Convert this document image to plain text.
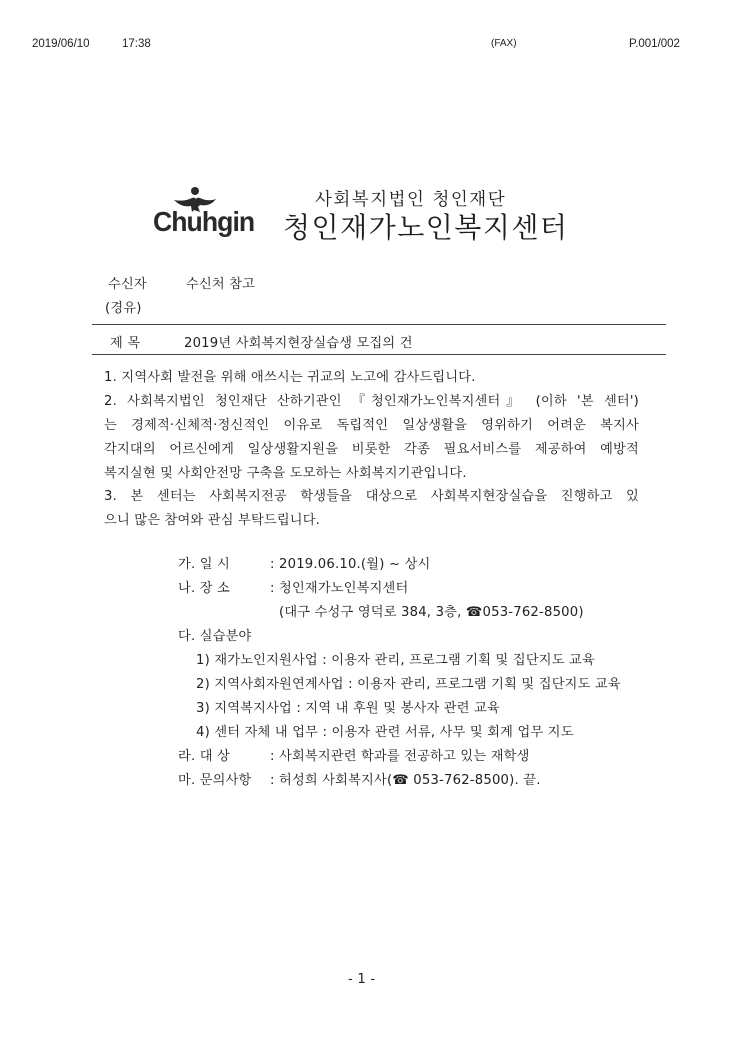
2019/06/10	17:38	(FAX)	P.001/002
Chuhgin
사회복지법인 청인재단
청인재가노인복지센터
수신자	수신처 참고
(경유)
제 목	2019년 사회복지현장실습생 모집의 건
1. 지역사회 발전을 위해 애쓰시는 귀교의 노고에 감사드립니다.
2. 사회복지법인 청인재단 산하기관인 『청인재가노인복지센터』 (이하 '본 센터')
는 경제적·신체적·정신적인 이유로 독립적인 일상생활을 영위하기 어려운 복지사
각지대의 어르신에게 일상생활지원을 비롯한 각종 필요서비스를 제공하여 예방적
복지실현 및 사회안전망 구축을 도모하는 사회복지기관입니다.
3. 본 센터는 사회복지전공 학생들을 대상으로 사회복지현장실습을 진행하고 있
으니 많은 참여와 관심 부탁드립니다.
가. 일 시	: 2019.06.10.(월) ~ 상시
나. 장 소	: 청인재가노인복지센터
(대구 수성구 영덕로 384, 3층, ☎053-762-8500)
다. 실습분야
1) 재가노인지원사업 : 이용자 관리, 프로그램 기획 및 집단지도 교육
2) 지역사회자원연계사업 : 이용자 관리, 프로그램 기획 및 집단지도 교육
3) 지역복지사업 : 지역 내 후원 및 봉사자 관련 교육
4) 센터 자체 내 업무 : 이용자 관련 서류, 사무 및 회계 업무 지도
라. 대 상	: 사회복지관련 학과를 전공하고 있는 재학생
마. 문의사항 : 허성희 사회복지사(☎ 053-762-8500). 끝.
- 1 -
